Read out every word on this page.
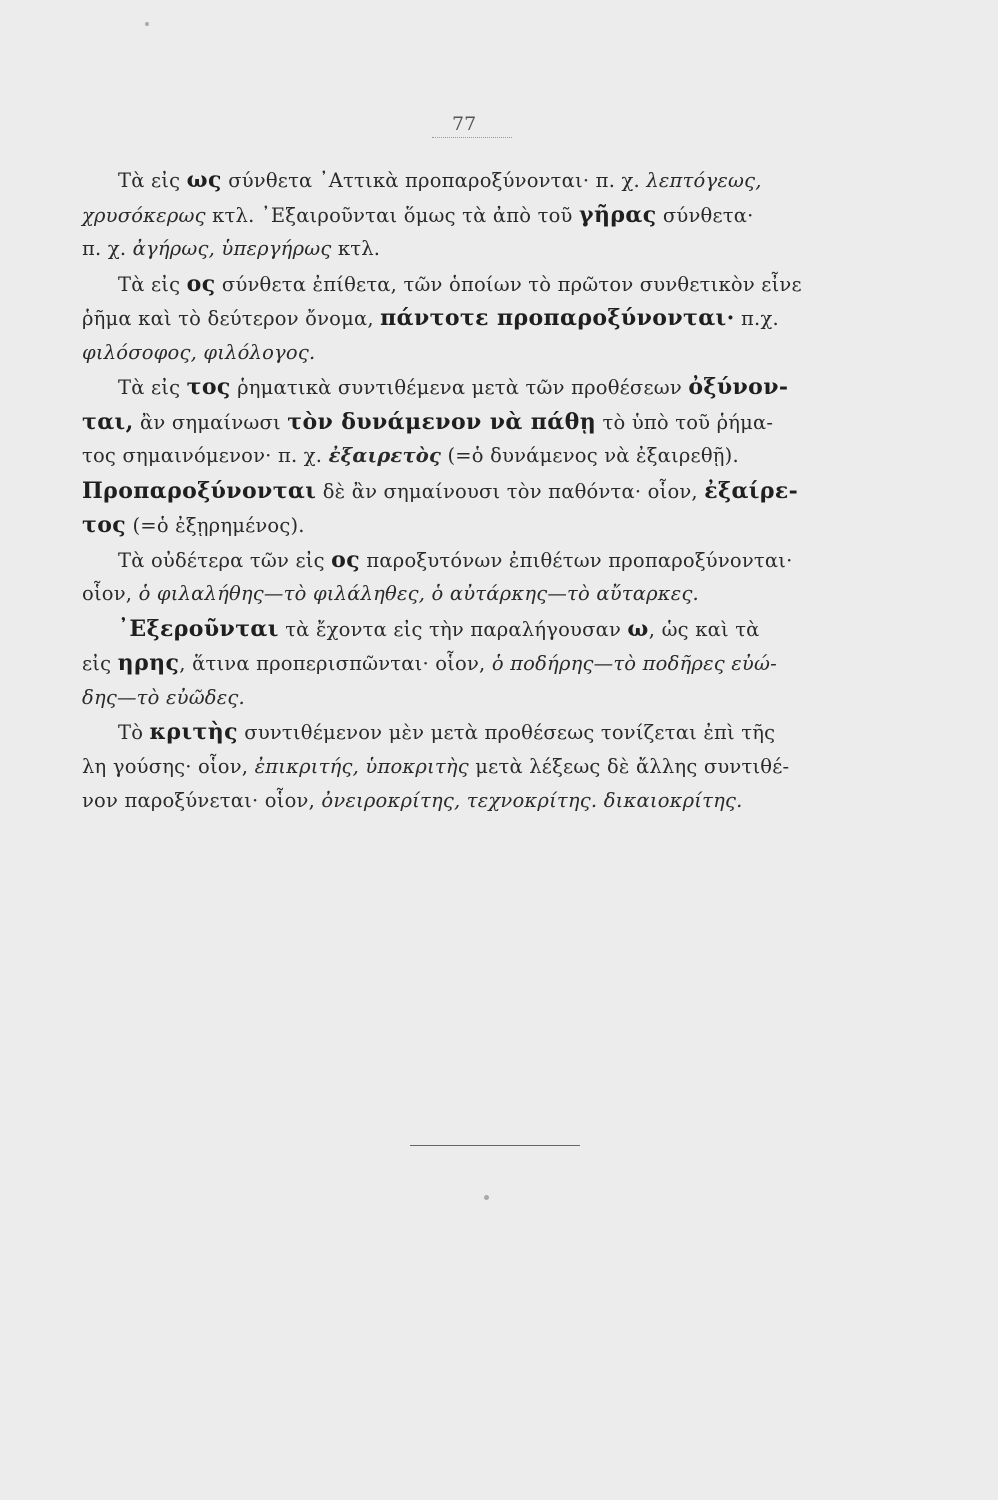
77
Τὰ εἰς ως σύνθετα ᾿Αττικὰ προπαροξύνονται· π. χ. λεπτόγεως,
χρυσόκερως κτλ. ᾿Εξαιροῦνται ὅμως τὰ ἀπὸ τοῦ γῆρας σύνθετα·
π. χ. ἀγήρως, ὑπεργήρως κτλ.
Τὰ εἰς ος σύνθετα ἐπίθετα, τῶν ὁποίων τὸ πρῶτον συνθετικὸν εἶνε
ῥῆμα καὶ τὸ δεύτερον ὄνομα, πάντοτε προπαροξύνονται· π.χ.
φιλόσοφος, φιλόλογος.
Τὰ εἰς τος ῥηματικὰ συντιθέμενα μετὰ τῶν προθέσεων ὀξύνον-
ται, ἂν σημαίνωσι τὸν δυνάμενον νὰ πάθῃ τὸ ὑπὸ τοῦ ῥήμα-
τος σημαινόμενον· π. χ. ἐξαιρετὸς (=ὁ δυνάμενος νὰ ἐξαιρεθῇ).
Προπαροξύνονται δὲ ἂν σημαίνουσι τὸν παθόντα· οἷον, ἐξαίρε-
τος (=ὁ ἐξῃρημένος).
Τὰ οὐδέτερα τῶν εἰς ος παροξυτόνων ἐπιθέτων προπαροξύνονται·
οἷον, ὁ φιλαλήθης—τὸ φιλάληθες, ὁ αὐτάρκης—τὸ αὔταρκες.
᾿Εξεροῦνται τὰ ἔχοντα εἰς τὴν παραλήγουσαν ω, ὡς καὶ τὰ
εἰς ηρης, ἅτινα προπερισπῶνται· οἷον, ὁ ποδήρης—τὸ ποδῆρες εὐώ-
δης—τὸ εὐῶδες.
Τὸ κριτὴς συντιθέμενον μὲν μετὰ προθέσεως τονίζεται ἐπὶ τῆς
λη γούσης· οἷον, ἐπικριτής, ὑποκριτὴς μετὰ λέξεως δὲ ἄλλης συντιθέ-
νον παροξύνεται· οἷον, ὀνειροκρίτης, τεχνοκρίτης. δικαιοκρίτης.
